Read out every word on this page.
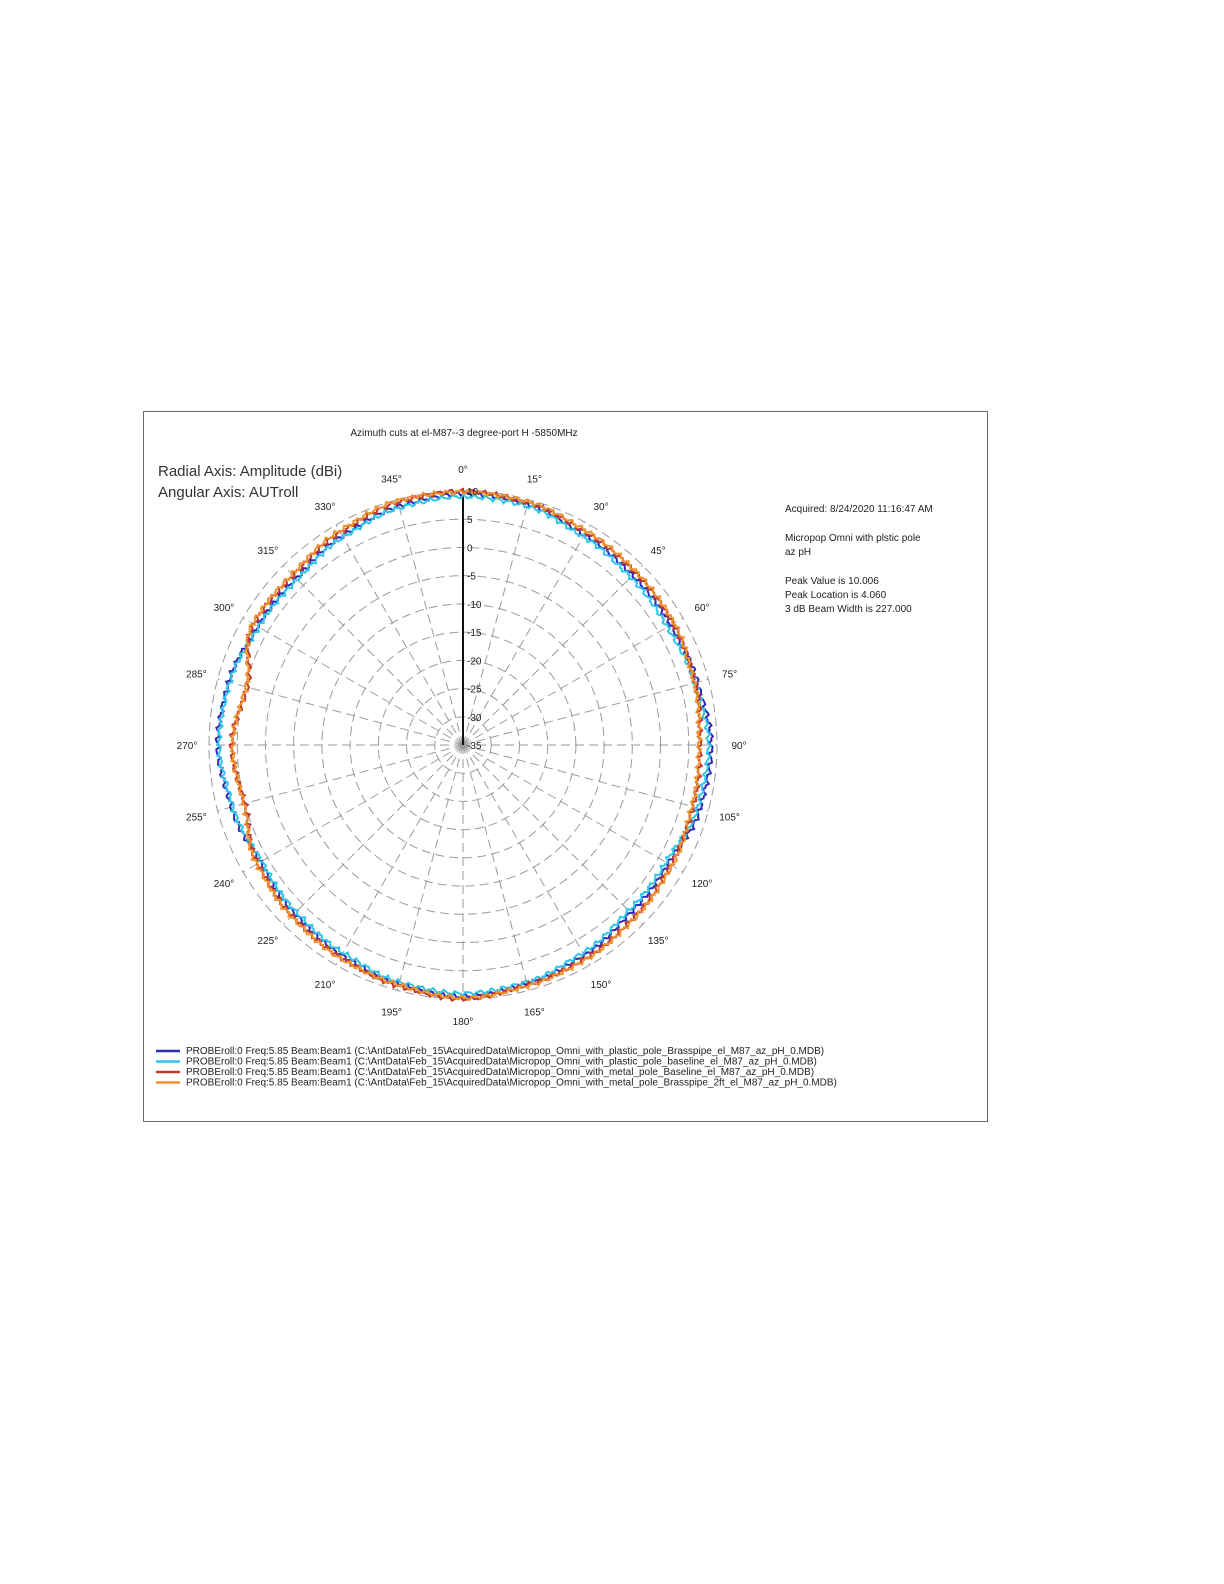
Azimuth cuts at el-M87--3 degree-port H -5850MHz
Radial Axis: Amplitude (dBi)
Angular Axis: AUTroll
0°
15°
30°
45°
60°
75°
90°
105°
120°
135°
150°
165°
180°
195°
210°
225°
240°
255°
270°
285°
300°
315°
330°
345°
10
5
0
-5
-10
-15
-20
-25
-30
-35
Acquired: 8/24/2020 11:16:47 AM
Micropop Omni with plstic pole
az pH
Peak Value is 10.006
Peak Location is 4.060
3 dB Beam Width is 227.000
PROBEroll:0 Freq:5.85 Beam:Beam1 (C:\AntData\Feb_15\AcquiredData\Micropop_Omni_with_plastic_pole_Brasspipe_el_M87_az_pH_0.MDB)
PROBEroll:0 Freq:5.85 Beam:Beam1 (C:\AntData\Feb_15\AcquiredData\Micropop_Omni_with_plastic_pole_baseline_el_M87_az_pH_0.MDB)
PROBEroll:0 Freq:5.85 Beam:Beam1 (C:\AntData\Feb_15\AcquiredData\Micropop_Omni_with_metal_pole_Baseline_el_M87_az_pH_0.MDB)
PROBEroll:0 Freq:5.85 Beam:Beam1 (C:\AntData\Feb_15\AcquiredData\Micropop_Omni_with_metal_pole_Brasspipe_2ft_el_M87_az_pH_0.MDB)
